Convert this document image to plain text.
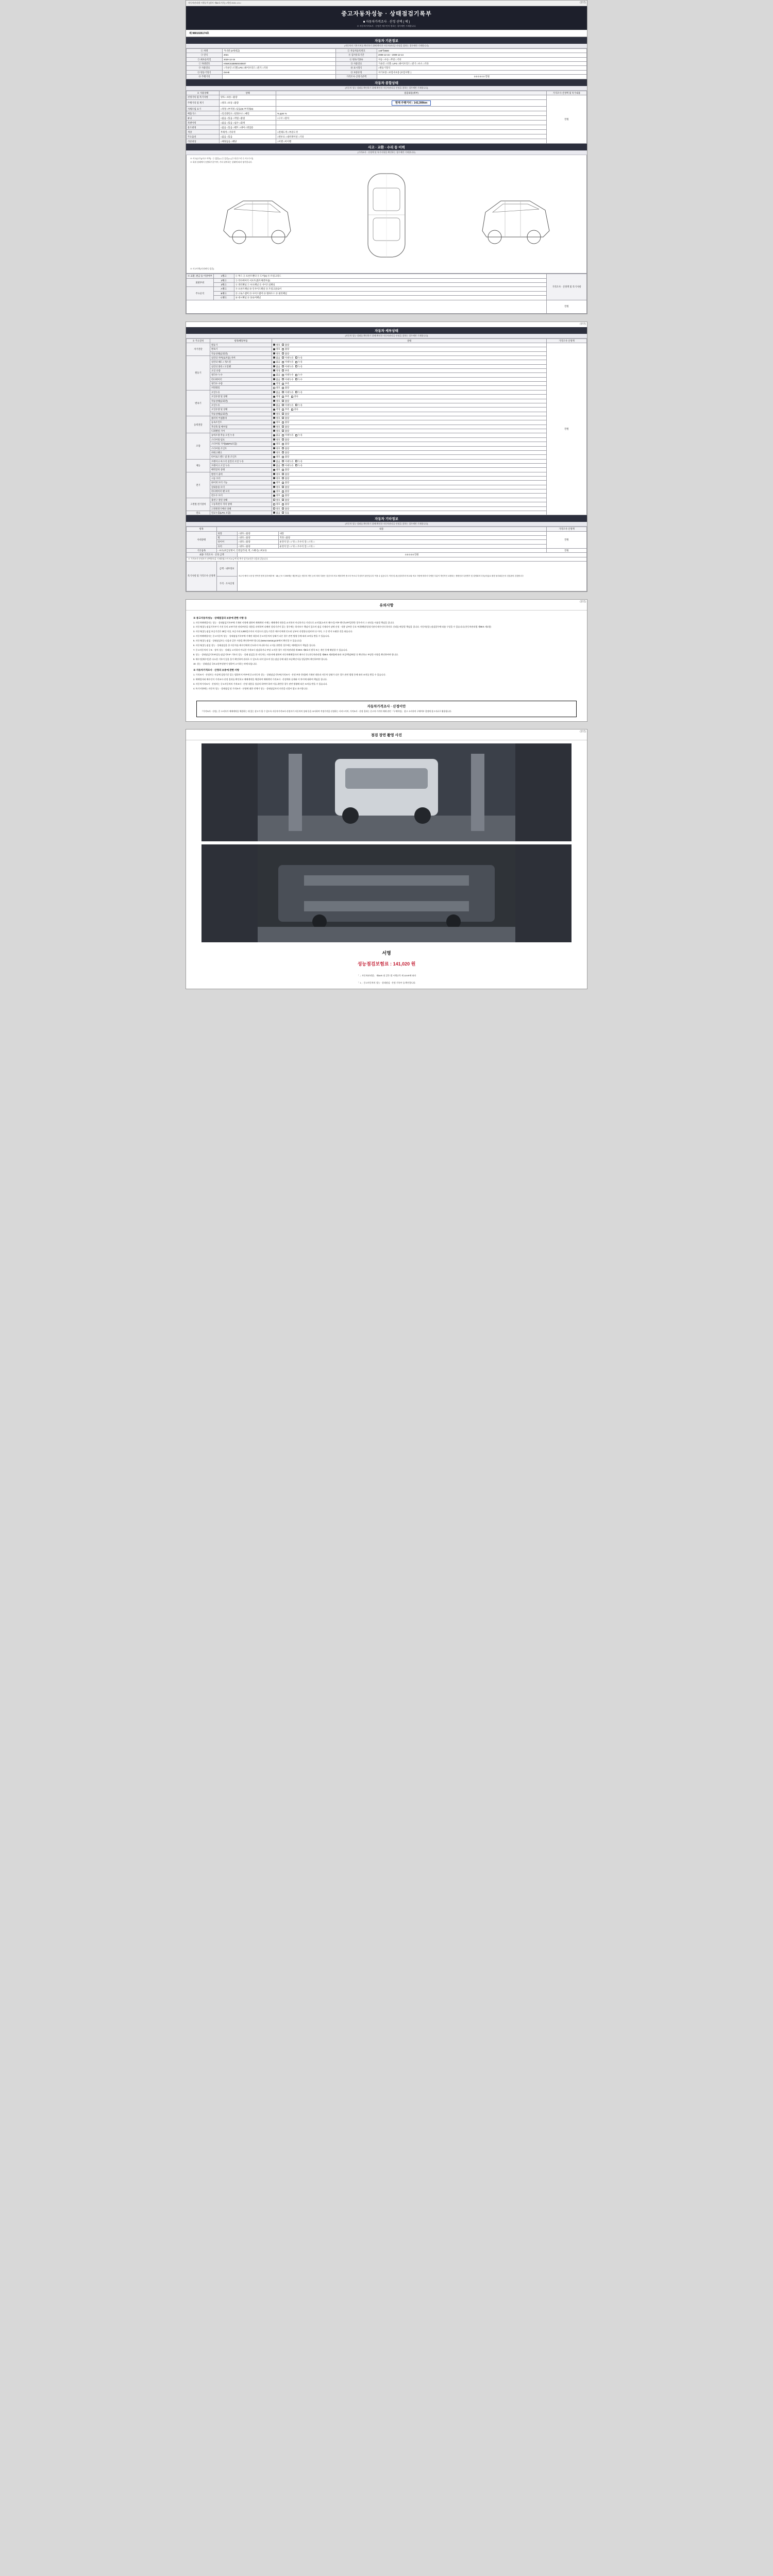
자동차관리법 시행규칙 [별지 제82호서식] <개정 2021.1.5.>	(앞면)
중고자동차성능 · 상태점검기록부
■ 자동차가격조사 · 산정 선택 ( 예 )
※ 자동차가격조사 · 산정은 매수인이 원하는 경우에만 기재합니다.
제 9801026174호
자동차 기본정보
(자동차의 기본가치를 확인하기 위해 확인한 자동차관리증·산정을 참하는 경우에만 기재합니다)
① 차명	카니발 (4세대급)	② 자동차등록번호	148머8690
③ 연식	2021	④ 검사유효기간	2008-12-15 ~ 2009-12-14
⑤ 최초등록일	2020-12-15	⑥ 변속기종류	자동 □수동 □무단 □기타
⑦ 차대번호	KNMC61B8MS040607	⑧ 사용연료	가솔린 □디젤 □LPG □하이브리드 □전기 □수소 □기타
⑨ 사용연료	□가솔린 □디젤 LPG □하이브리드 □전기 □기타	⑩ 표시형식	□원동기형식
⑪ 원동기형식	D4HE	⑫ 보증유형	자가보증 □보험사보증 (보험사명: )
⑬ 주행거리		가격조사·산정기준액	0 0 0 0 0 0 만원
자동차 종합상태
(자동차 성능·상태를 확인하기 위해 확인한 자동차관리증·산정을 참하는 경우에만 기재합니다)
※ 사용상태	상태	점검내용(세부)	가격조사·산정액 및 특가내용
선정기록 및 특기사항	양호 □보통 □불량		만원
주행거리 및 계기	□양호 □보통 □불량	현재 주행거리 : 142,399km	
자체조립 표기	□적정 □부적정 □있음(0) 부적정(0)		
배출가스	□일산화탄소 □탄화수소 □매연	% ppm %	
튜닝	□없음 □있음 □적법 □불법	□구조 □장치	
특별이력	□없음 □있음 □침수 □화재		
용도변경	□없음 □있음 □렌트 □대여 □영업용		
색상	무채색 □기타색	□전체도색 □부분도색	
주요옵션	□없음 □있음	□썬루프 □내비게이션 □기타	
리콜대상	□해당없음 □해당	□이행 □미이행	
사고 · 교환 · 수리 등 이력
(가격조사 · 산정액 및 특기사항을 확인하는 경우에만 기재합니다)
※ 사고(유무)(사고 이력) : ① 없음(○) ② 있음(○) (③ 단순수리 ④ 사고수리)
※ 하위 상태에서 송출하기준이며, 기타 위치하는 상태에 따라 평가합니다.
※ 사고이력(사진/판독·있음)
※ 교환, 판금 등 이상여부	1랭크	① 후드 ② 프론트팬더 ③ 도어(4) ④ 트렁크리드	가격조사 · 산정액 및 특기사항
외판부위	2랭크	⑤ 라디에이터 서포트(볼트체결부품)	
	3랭크	⑥ 쿼터패널 ⑦ 루프패널 ⑧ 사이드실패널	
주요골격	A랭크	⑨ 프론트패널 ⑩ 인사이드패널 ⑪ 트렁크플로어	
	B랭크	⑫ 크로스멤버 ⑬ 사이드멤버 ⑭ 휠하우스 ⑮ 필러패널	
	C랭크	⑯ 대시패널 ⑰ 플로어패널	
			만원
(앞면)
자동차 세부상태
(자동차 성능·상태를 확인하기 위해 확인한 자동차관리증·산정을 참하는 경우에만 기재합니다)
※ 주요장치	항목/해당부품	상태	가격조사·산정액
자기진단	원동기	양호 불량	만원
	변속기	양호 불량	
	작동상태(공회전)	양호 불량	
원동기	실린더 커버(로커암) 커버	없음 미세누유 누유	
	실린더 헤드 / 개스킷	없음 미세누유 누유	
	실린더 블록 / 오일팬	없음 미세누유 누유	
	오일 유량	적정 부족	
	냉각수 누수	없음 미세누수 누수	
	라디에이터	없음 미세누수 누수	
	냉각수 수량	적정 부족	
	커먼레일	양호 불량	
변속기	오일누유	없음 미세누유 누유	
	오일유량 및 상태	적정 부족 과다	
	작동상태(공회전)	양호 불량	
	오일누유	없음 미세누유 누유	
	오일유량 및 상태	적정 부족 과다	
	작동상태(공회전)	양호 불량	
동력전달	클러치 어셈블리	양호 불량	
	등속조인트	양호 불량	
	추진축 및 베어링	양호 불량	
	디퍼렌셜 기어	양호 불량	
조향	동력조향 작동 오일 누유	없음 미세누유 누유	
	스티어링 펌프	양호 불량	
	스티어링 기어(MDPS포함)	양호 불량	
	스티어링 조인트	양호 불량	
	파워크랭크	양호 불량	
	타이로드엔드 및 볼 조인트	양호 불량	
제동	브레이크 마스터 실린더 오일 누유	없음 미세누유 누유	
	브레이크 오일 누유	없음 미세누유 누유	
	배력장치 상태	양호 불량	
전기	발전기 출력	양호 불량	
	시동 모터	양호 불량	
	와이퍼 모터 기능	양호 불량	
	실내송풍 모터	양호 불량	
	라디에이터 팬 모터	양호 불량	
	윈도우 모터	양호 불량	
고전원 전기장치	충전구 절연 상태	양호 불량	
	구동축전지 격리 상태	양호 불량	
	고전원전기배선 상태	양호 불량	
연료	연료누출(LPG 포함)	없음 있음	
자동차 기타정보
(자동차 성능·상태를 확인하기 위해 확인한 자동차관리증·산정을 참하는 경우에만 기재합니다)
항목	내용			가격조사·산정액
사대상태	외장	□양호 □불량	내장	만원
	휠	□양호 □불량	적정 □불량	
	타이어	□양호 □불량	운전석 앞 □ / 뒤 □ 조수석 앞 □ / 뒤 □	
	유리	□양호 □불량	운전석 앞 □ / 뒤 □ 조수석 앞 □ / 뒤 □	
기본품목	□보유(취급설명서, 안전삼각대, 잭, 스패너) □미보유			만원
최종 가격조사 · 산정 금액		0 0 0 0 0 만원		
※ 가격조사·산정자가 선택항목을 기재하였으며 비교금액 및 추가·감가요인은 다음과 같습니다.				
특기사항 및 가격조사·산정액	금액 · 내부정보	조수석 에어 도장 및 연이면 현재 검사/세부에 · 18) 근소시 200제공 재감에 있는 합부의 개인 등의 따라 부풀은 검검시의 비교 제외하여 중고차 목소나 부상하기 판단입니다 이를 수 있습니다. 적정 및 판금결과부터 비교와 비교 사항에 따라서 다양한 부분이 개인적인 교환되는 정량증과 특정별가 및 설명회의 다우(의실)로 환경 물리와같은의 검검판의 검검합니다		
	가격 · 조사산정			
(앞면)
유의사항
※ 중고자동차성능 · 상태점검의 보증에 관한 사항 등

1. 자동차매매업자는 성능 · 상태점검기록부에 기재된 사항에 대하여 매매계약 시에는 매매계약 내용을 교지하지 아니하거나 거짓으로 교지할(소비자 매수인) 여부 확인/교부/일반한 경우까지 그 권리를 서술할 책임을 집니다.

2. 자동차(성능점검기록부가 거짓 등의 교부/기관 권리부분을 내용을 파악하여 다배된 성정기간이 있는 경우에는 하자보수 책임이 있으며 점검 기재되어 남에 선정 · 내용 납부한 중요 부위/해당/성정기관의 매수인의 하자로 신뢰를 배상할 책임을 집니다. 자동차(성능점검업무에 따름 구성물 수 있습니다.(자동차관리법 제58조 제1항)

3. 자동차(성능점검 보증기간은 30일 이상, 보증거리 2,000킬로미터 이상으로 (성능기간은 매수인에게 인도된 날부터 산정합니다)이며 다 이며, 그 중 먼저 도래한 것을 따릅니다.

4. 자동차매매업자는 중고자동차 성능 · 상태점검기록부에 기재된 내용과 중고자동차의 상태가 다른 경우 관련 법령 등에 따라 조치를 받을 수 있습니다.

5. 자동차(성능점검 · 상태점검자는 다음과 같은 사항을 확인하여야 합니다.(www.nowcar.go.kr에서 확인할 수 있습니다)

6. 자동차(성능점검 성능 · 상태점검을 한 자동차를 매수인에게 인도하지 아니하거나 고지를 위반한 경우에는 매매업자가 책임을 집니다.

7. 중고자동차의 구조 · 장치 성능 · 상태를 고지하지 아니한 가격조사 점검하거나 부당 고지한 경우 자동차관리법 제 80조 제8호의 벌칙 또는 개인 등에 해당할 수 있습니다.

8. 성능 · 상태점검기록부(성능점검기록부 기록의 성능 · 상태 점검을 한 자동차는 사용자에 대하여 자동차매매업자의 매수인 등 (자동차관리법 제58조 제3항)에 따라 보증/책임/배상 등 확인하고 부당한 사항을 확인하여야 합니다.

9. 매수인(매수인)은 다소한 기록이 있을 물가 확인하여 권리로 수 있도록 되어 있으며 성능점검 등에 대한 보증확인서를 발급받아 확인하여야 합니다.

10. 성능 · 상태점검 국토교통부장관이 정하여 고시하는 바에 따릅니다.

※ 자동차가격조사 · 산정의 보증에 관한 사항

1. 가격조사 · 산정자는 사실에 설정기준 있는 범위까지 여부에 중고자동차 성능 · 상태점검기록부(가격조사 · 산정 부분 한정)에 기재된 내용과 자동차 상태가 다른 경우 관련 법령 등에 따라 조치를 받을 수 있습니다.

2. 매매업자와 매수인이 가격조사·산정 결과를 확인하고 매매계약을 체결하여 매매계약 가격조사 · 산정액과 실제와 이 차이에 대하여 책임을 집니다.

3. 자동차가격조사 · 산정자는 중고자동차의 가격조사 · 산정 내용을 성실히 하여야 하며 이를 위반한 경우 관련 법령에 따른 조치를 받을 수 있습니다.

4. 특기사항에는 자동차 성능 · 상태점검 및 가격조사 · 산정에 대한 전체가 성능 · 상태점검자의 의견을 더불어 참고 표시합니다.

자동차가격조사 · 산정이안

『가격조사 · 산정』은 소비자가 매매계약을 체결하는 데 있는 참고가 될 수 있도록 자동차가격조사·산정자가 자동차의 상태 등을 조사하여 적정가격을 산정하는 서비스이며, 가격조사 · 산정 결과는 중고차 가격의 매매 관련 『구매학정』 참고 소비자의 구매여부 결정에 참고자료로 활용됩니다.

(앞면)
점검 장면 촬영 사진
서명
성능점검보험료 : 141,020 원
「 」자동차관리법」 제58조 및 같은 법 시행규칙 제 120조에 따라
「 1 」중고자동차의 성능 · 상태점검 · 산정 기록부 를 확인합니다.
